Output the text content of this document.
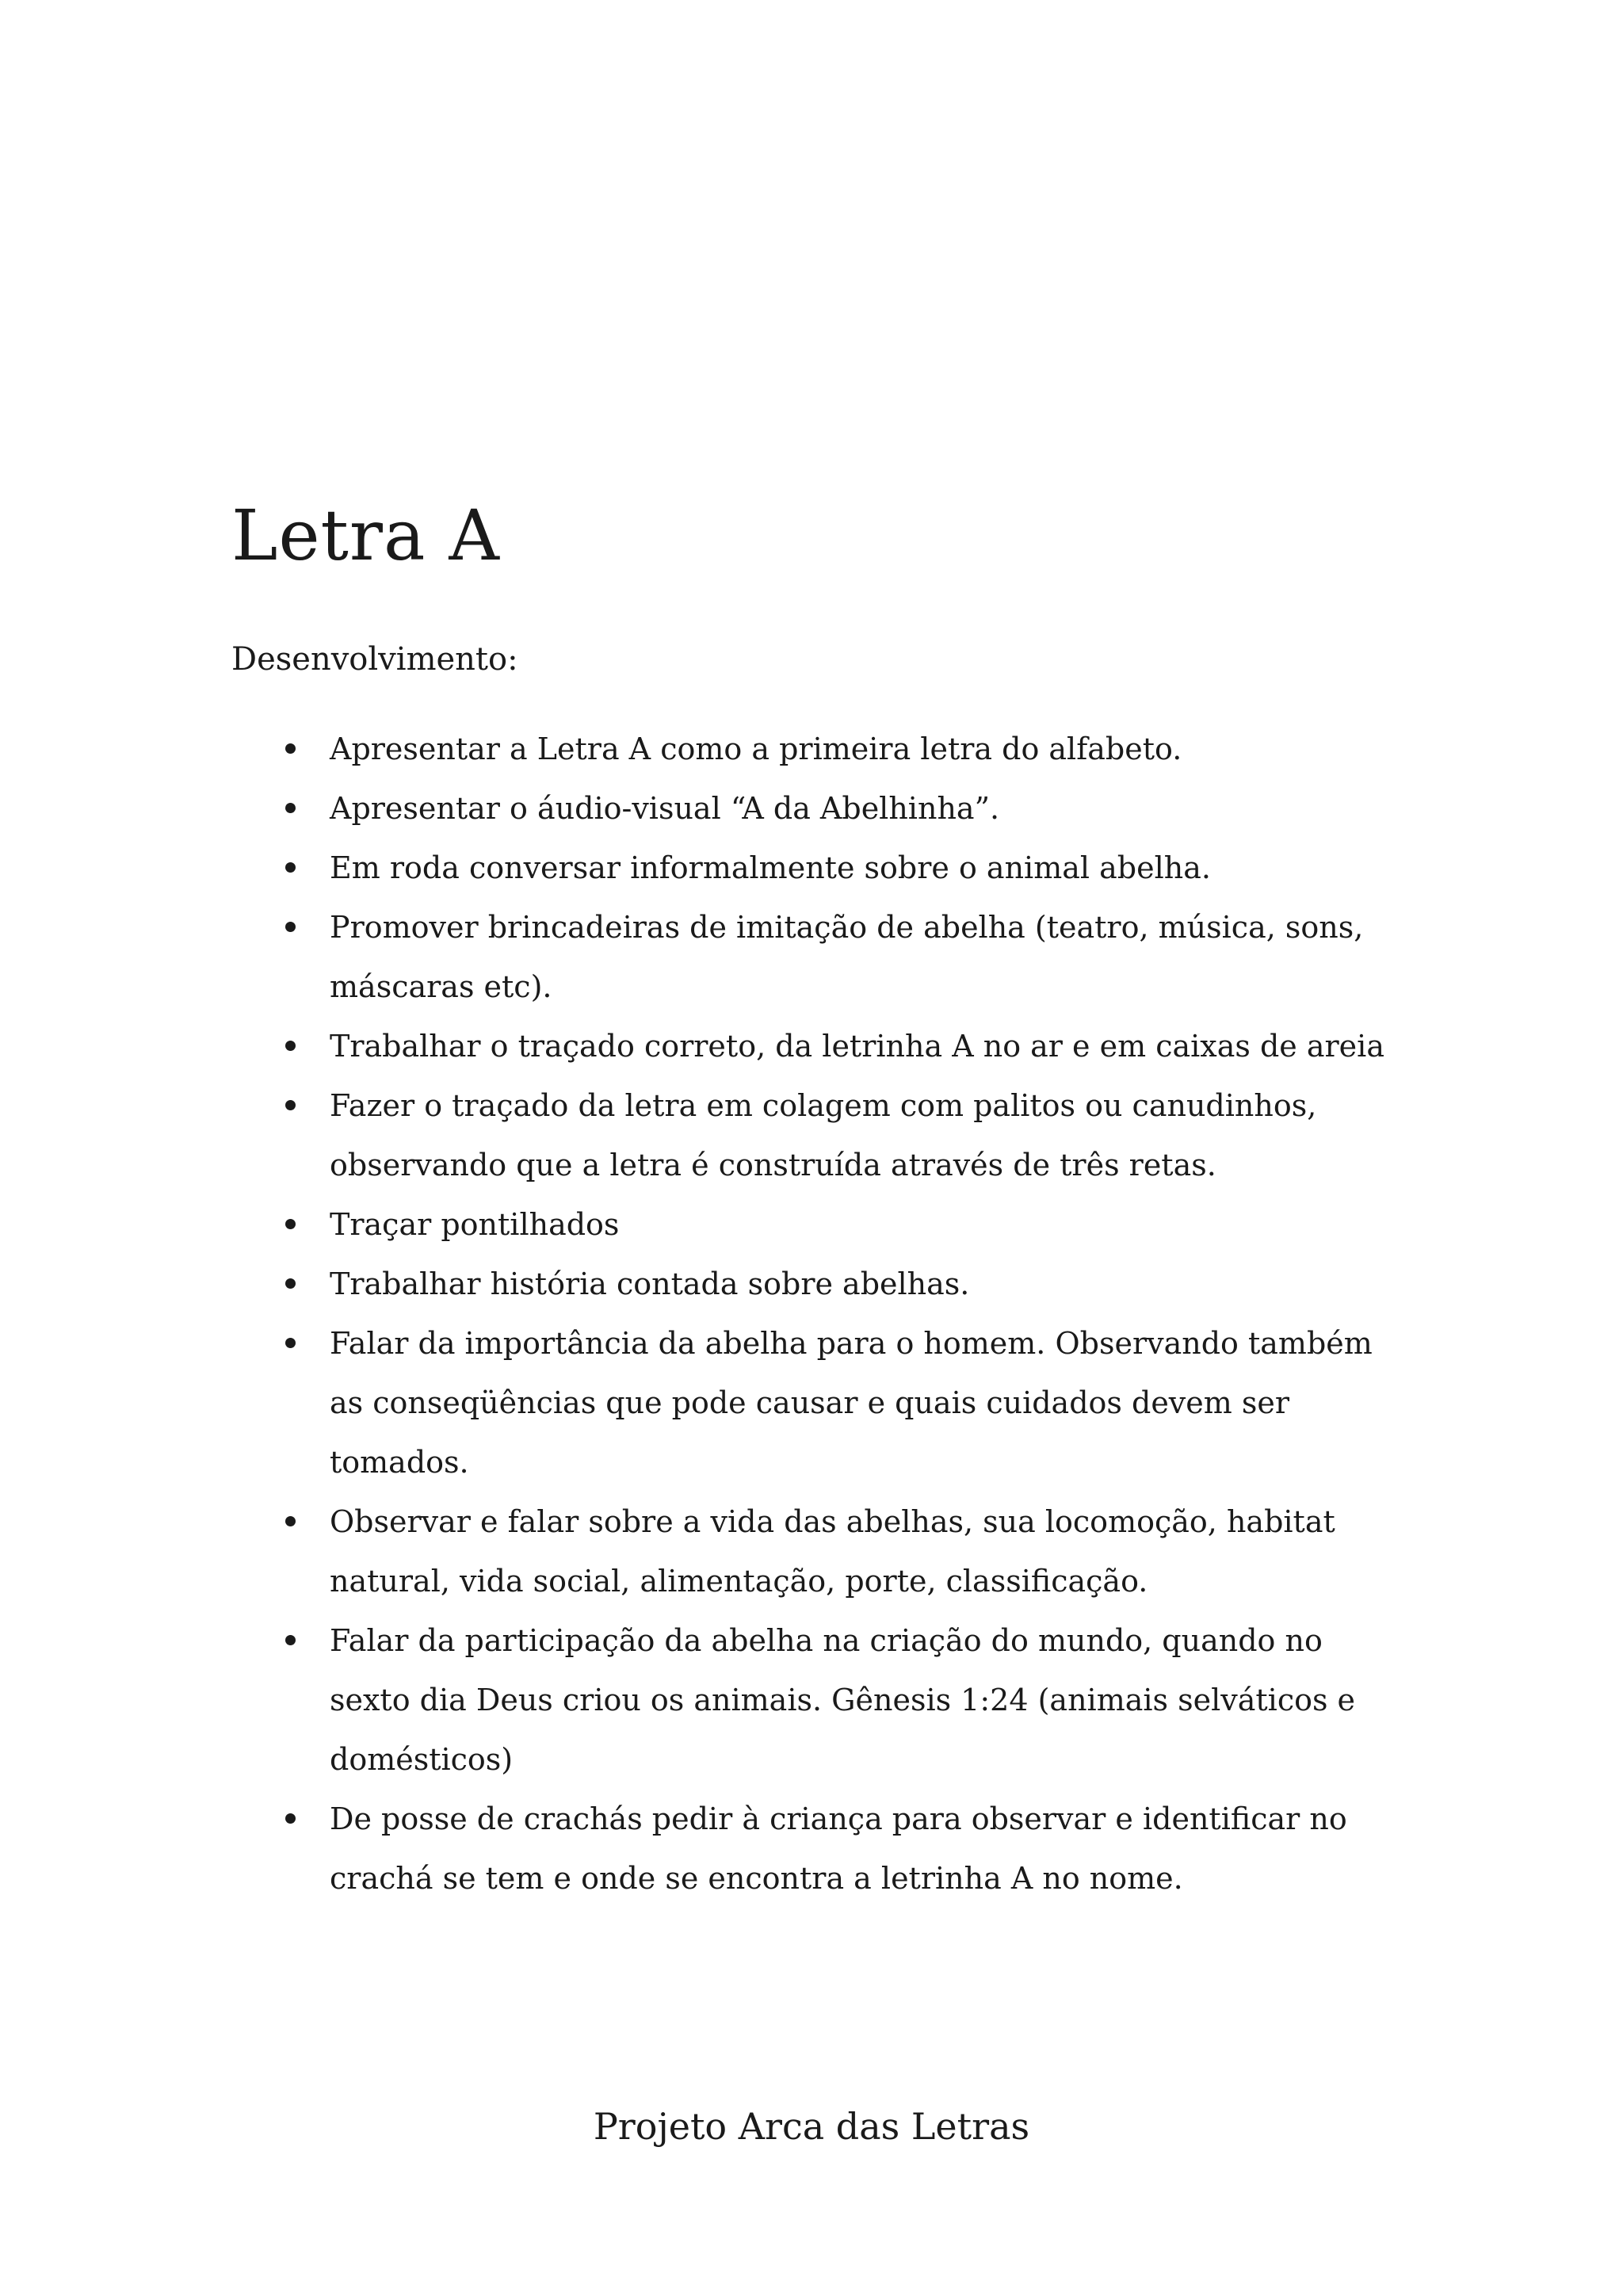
Letra A

Desenvolvimento:

Apresentar a Letra A como a primeira letra do alfabeto.
Apresentar o áudio-visual “A da Abelhinha”.
Em roda conversar informalmente sobre o animal abelha.
Promover brincadeiras de imitação de abelha (teatro, música, sons, máscaras etc).
Trabalhar o traçado correto, da letrinha A no ar e em caixas de areia
Fazer o traçado da letra em colagem com palitos ou canudinhos, observando que a letra é construída através de três retas.
Traçar pontilhados
Trabalhar história contada sobre abelhas.
Falar da importância da abelha para o homem. Observando também as conseqüências que pode causar e quais cuidados devem ser tomados.
Observar e falar sobre a vida das abelhas, sua locomoção, habitat natural, vida social, alimentação, porte, classificação.
Falar da participação da abelha na criação do mundo, quando no sexto dia Deus criou os animais. Gênesis 1:24 (animais selváticos e domésticos)
De posse de crachás pedir à criança para observar e identificar no crachá se tem e onde se encontra a letrinha A no nome.

Projeto Arca das Letras
